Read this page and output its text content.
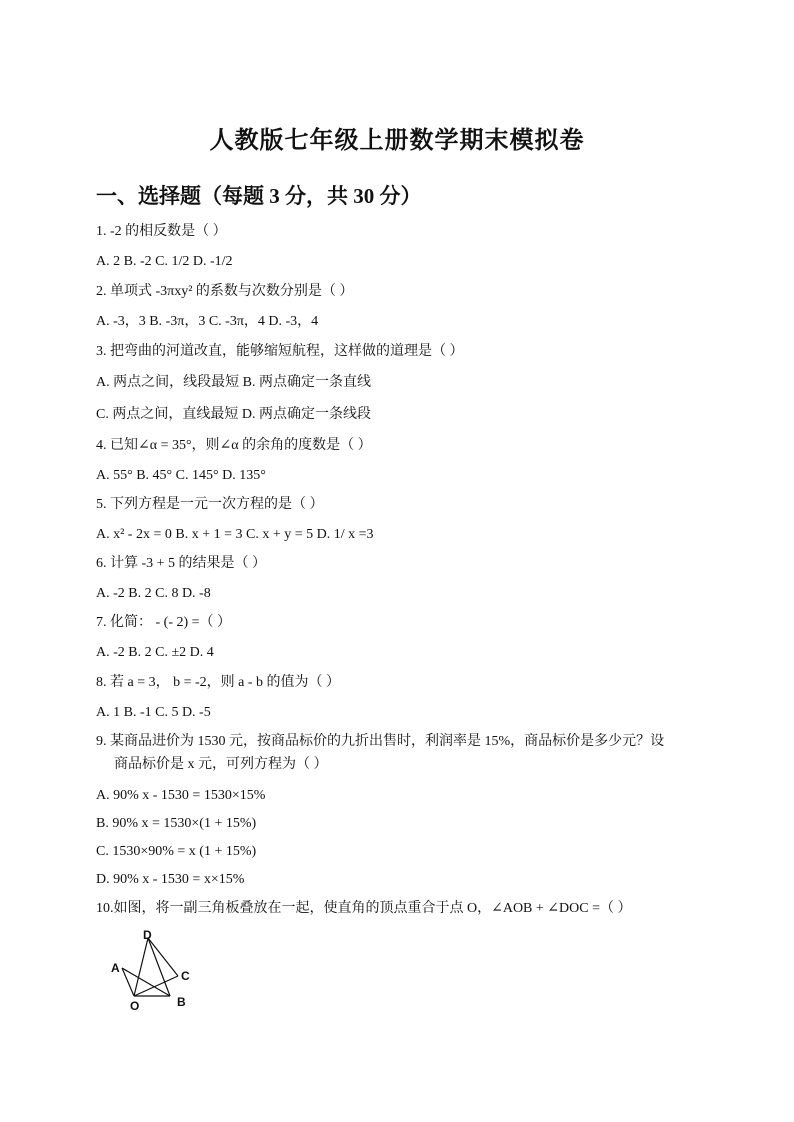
人教版七年级上册数学期末模拟卷
一、选择题（每题 3 分，共 30 分）
1. -2 的相反数是（ ）
A. 2 B. -2 C. 1/2 D. -1/2
2. 单项式 -3πxy² 的系数与次数分别是（ ）
A. -3，3 B. -3π，3 C. -3π，4 D. -3，4
3. 把弯曲的河道改直，能够缩短航程，这样做的道理是（ ）
A. 两点之间，线段最短 B. 两点确定一条直线
C. 两点之间，直线最短 D. 两点确定一条线段
4. 已知∠α = 35°，则∠α 的余角的度数是（ ）
A. 55° B. 45° C. 145° D. 135°
5. 下列方程是一元一次方程的是（ ）
A. x² - 2x = 0 B. x + 1 = 3 C. x + y = 5 D. 1/ x =3
6. 计算 -3 + 5 的结果是（ ）
A. -2 B. 2 C. 8 D. -8
7. 化简： - (- 2) =（ ）
A. -2 B. 2 C. ±2 D. 4
8. 若 a = 3， b = -2，则 a - b 的值为（ ）
A. 1 B. -1 C. 5 D. -5
9. 某商品进价为 1530 元，按商品标价的九折出售时，利润率是 15%，商品标价是多少元？设
商品标价是 x 元，可列方程为（ ）
A. 90% x - 1530 = 1530×15%
B. 90% x = 1530×(1 + 15%)
C. 1530×90% = x (1 + 15%)
D. 90% x - 1530 = x×15%
10.如图，将一副三角板叠放在一起，使直角的顶点重合于点 O，∠AOB + ∠DOC =（ ）
D
A
C
O	B
